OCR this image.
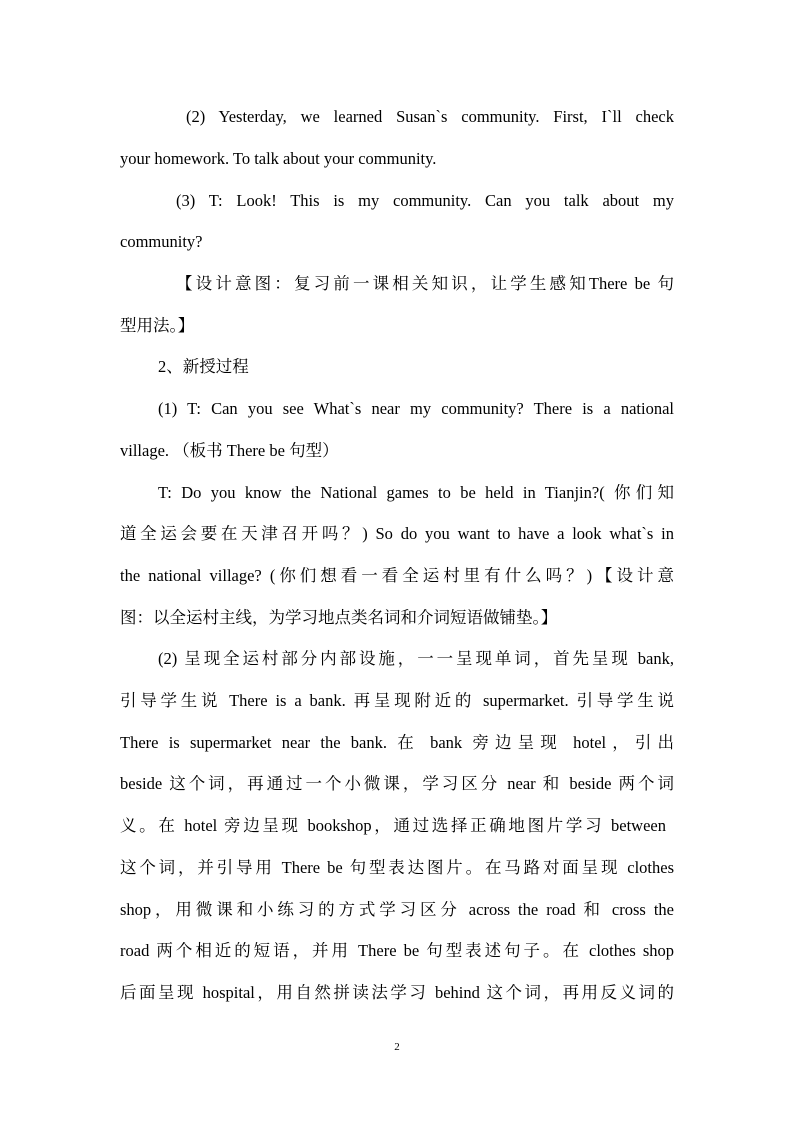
(2) Yesterday, we learned Susan`s community. First, I`ll check
your homework. To talk about your community.
(3) T: Look! This is my community. Can you talk about my
community?
【设计意图：复习前一课相关知识，让学生感知There be 句
型用法。】
2、新授过程
(1) T: Can you see What`s near my community? There is a national
village. （板书 There be 句型）
T: Do you know the National games to be held in Tianjin?( 你们知
道全运会要在天津召开吗？) So do you want to have a look what`s in
the national village? (你们想看一看全运村里有什么吗？)【设计意
图：以全运村主线，为学习地点类名词和介词短语做铺垫。】
(2) 呈现全运村部分内部设施，一一呈现单词，首先呈现 bank,
引导学生说 There is a bank. 再呈现附近的 supermarket. 引导学生说
There is supermarket near the bank. 在 bank 旁边呈现 hotel，引出
beside 这个词，再通过一个小微课，学习区分 near 和 beside 两个词
义。在 hotel 旁边呈现 bookshop，通过选择正确地图片学习 between
这个词，并引导用 There be 句型表达图片。在马路对面呈现 clothes
shop，用微课和小练习的方式学习区分 across the road 和 cross the
road 两个相近的短语，并用 There be 句型表述句子。在 clothes shop
后面呈现 hospital，用自然拼读法学习 behind 这个词，再用反义词的
2
